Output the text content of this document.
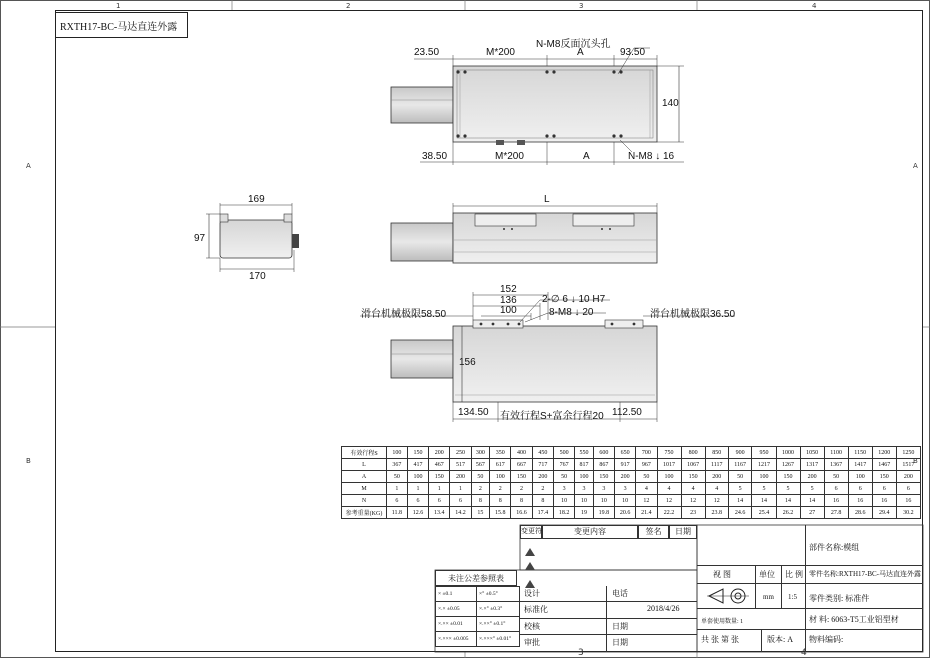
RXTH17-BC-马达直连外露
1	2	3	4
3	4
A
B
A
B
23.50	M*200	A	93.50
N-M8反面沉头孔
140
38.50	M*200	A	N-M8 ↓ 16
169
97
170
L
152
136
100
2-∅ 6 ↓ 10 H7
8-M8 ↓ 20
滑台机械极限58.50	滑台机械极限36.50
156
134.50 有效行程S+富余行程20 112.50
有效行程S	100	150	200	250	300	350	400	450	500	550	600	650	700	750	800	850	900	950	1000	1050	1100	1150	1200	1250
L	367	417	467	517	567	617	667	717	767	817	867	917	967	1017	1067	1117	1167	1217	1267	1317	1367	1417	1467	1517
A	50	100	150	200	50	100	150	200	50	100	150	200	50	100	150	200	50	100	150	200	50	100	150	200
M	1	1	1	1	2	2	2	2	3	3	3	3	4	4	4	4	5	5	5	5	6	6	6	6
N	6	6	6	6	8	8	8	8	10	10	10	10	12	12	12	12	14	14	14	14	16	16	16	16
参考重量(KG)	11.8	12.6	13.4	14.2	15	15.8	16.6	17.4	18.2	19	19.8	20.6	21.4	22.2	23	23.8	24.6	25.4	26.2	27	27.8	28.6	29.4	30.2
变更符	变更内容	签名	日期
未注公差参照表
× ±0.1	×° ±0.5°
×.× ±0.05	×.×° ±0.3°
×.×× ±0.01	×.××° ±0.1°
×.××× ±0.005	×.×××° ±0.01°
设计	电话
标准化	2018/4/26
校核	日期
审批	日期
部件名称:模组
视 图	单位 比 例 零件名称:RXTH17-BC-马达直连外露
mm 1:5 零件类别: 标准件
单套使用数量: 1	材 料: 6063-T5工业铝型材
共 张 第 张	版本: A 物料编码:
